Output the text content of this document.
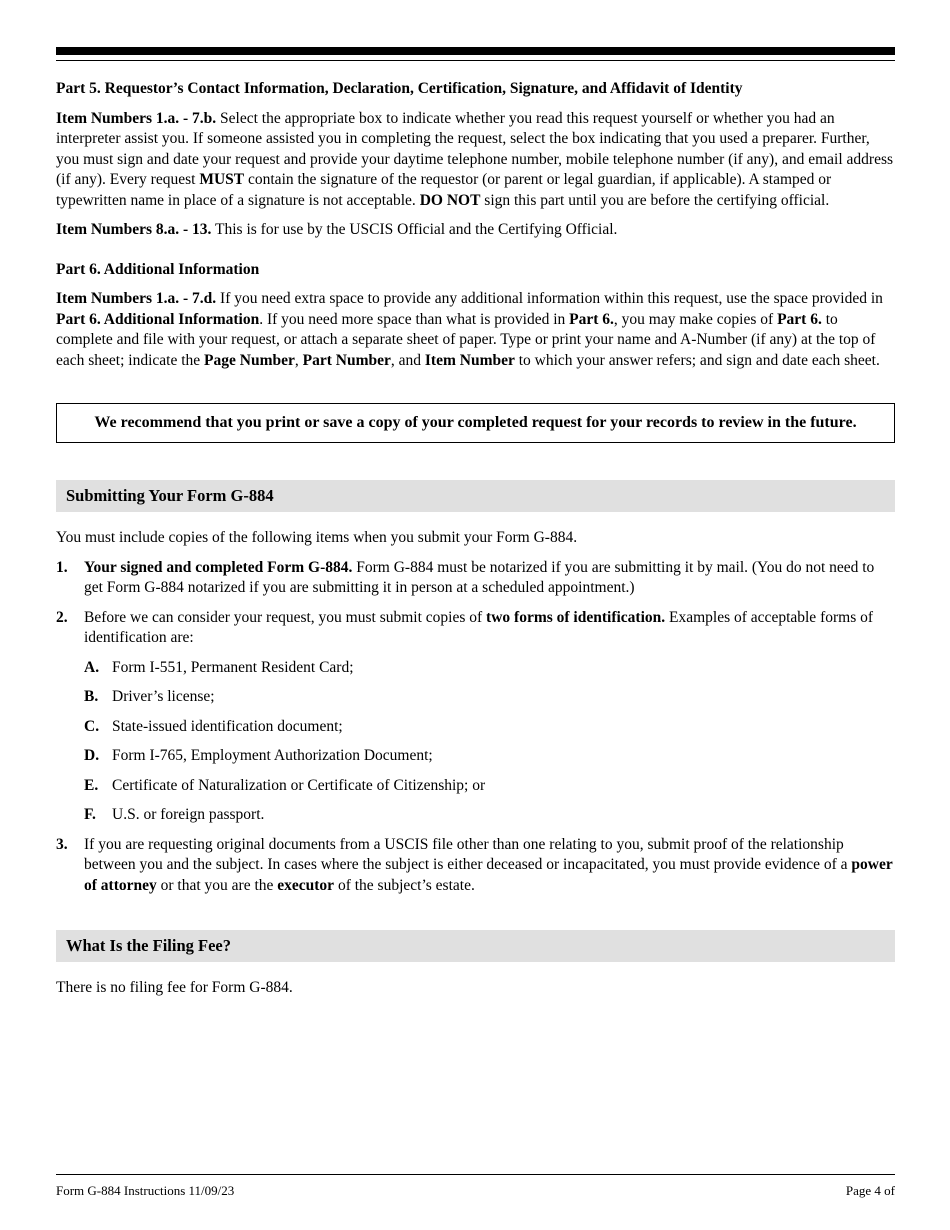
Part 5. Requestor’s Contact Information, Declaration, Certification, Signature, and Affidavit of Identity

Item Numbers 1.a. - 7.b. Select the appropriate box to indicate whether you read this request yourself or whether you had an interpreter assist you. If someone assisted you in completing the request, select the box indicating that you used a preparer. Further, you must sign and date your request and provide your daytime telephone number, mobile telephone number (if any), and email address (if any). Every request MUST contain the signature of the requestor (or parent or legal guardian, if applicable). A stamped or typewritten name in place of a signature is not acceptable. DO NOT sign this part until you are before the certifying official.

Item Numbers 8.a. - 13. This is for use by the USCIS Official and the Certifying Official.

Part 6. Additional Information

Item Numbers 1.a. - 7.d. If you need extra space to provide any additional information within this request, use the space provided in Part 6. Additional Information. If you need more space than what is provided in Part 6., you may make copies of Part 6. to complete and file with your request, or attach a separate sheet of paper. Type or print your name and A-Number (if any) at the top of each sheet; indicate the Page Number, Part Number, and Item Number to which your answer refers; and sign and date each sheet.

We recommend that you print or save a copy of your completed request for your records to review in the future.
Submitting Your Form G-884

You must include copies of the following items when you submit your Form G-884.

1.	Your signed and completed Form G-884. Form G-884 must be notarized if you are submitting it by mail. (You do not need to get Form G-884 notarized if you are submitting it in person at a scheduled appointment.)
2.	Before we can consider your request, you must submit copies of two forms of identification. Examples of acceptable forms of identification are:
A. Form I-551, Permanent Resident Card;
B. Driver’s license;
C. State-issued identification document;
D. Form I-765, Employment Authorization Document;
E. Certificate of Naturalization or Certificate of Citizenship; or
F.	U.S. or foreign passport.
3.	If you are requesting original documents from a USCIS file other than one relating to you, submit proof of the relationship between you and the subject. In cases where the subject is either deceased or incapacitated, you must provide evidence of a power of attorney or that you are the executor of the subject’s estate.
What Is the Filing Fee?

There is no filing fee for Form G-884.

Form G-884 Instructions 11/09/23	Page 4 of
